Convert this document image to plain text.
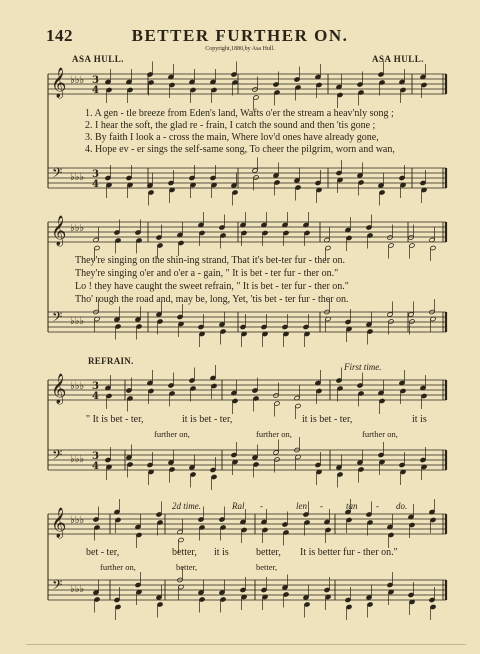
142	BETTER FURTHER ON.
Copyright,1880,by Asa Hull.
ASA HULL.	ASA HULL.
𝄞
𝄢
♭♭♭
♭♭♭
3
4
3
4
𝄞
𝄢
♭♭♭
♭♭♭
𝄞
𝄢
♭♭♭
♭♭♭
3
4
3
4
𝄞
𝄢
♭♭♭
♭♭♭
1. A gen - tle breeze from Eden's land, Wafts o'er the stream a heav'nly song ;
2. I hear the soft, the glad re - frain, I catch the sound and then 'tis gone ;
3. By faith I look a - cross the main, Where lov'd ones have already gone,
4. Hope ev - er sings the self-same song, To cheer the pilgrim, worn and wan,
They're singing on the shin-ing strand, That it's bet-ter fur - ther on.
They're singing o'er and o'er a - gain, " It is bet - ter fur - ther on."
Lo ! they have caught the sweet refrain, " It is bet - ter fur - ther on."
Tho' rough the road and, may be, long, Yet, 'tis bet - ter fur - ther on.
REFRAIN.
First time.
" It is bet - ter,	it is bet - ter,	it is bet - ter,	it is
further on,	further on,	further on,
2d time.	Ral -	len -	tan - do.
bet - ter,	better, it is	better, It is better fur - ther on."
further on,	better,	better,
